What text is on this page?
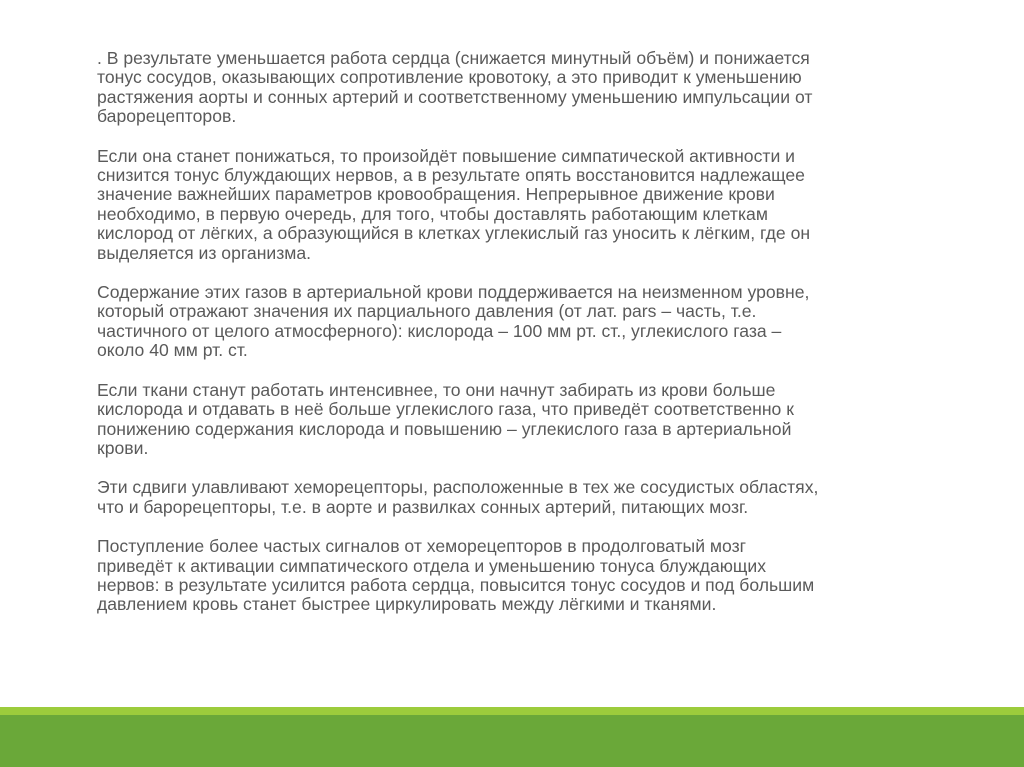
. В результате уменьшается работа сердца (снижается минутный объём) и понижается
тонус сосудов, оказывающих сопротивление кровотоку, а это приводит к уменьшению
растяжения аорты и сонных артерий и соответственному уменьшению импульсации от
барорецепторов.

Если она станет понижаться, то произойдёт повышение симпатической активности и
снизится тонус блуждающих нервов, а в результате опять восстановится надлежащее
значение важнейших параметров кровообращения. Непрерывное движение крови
необходимо, в первую очередь, для того, чтобы доставлять работающим клеткам
кислород от лёгких, а образующийся в клетках углекислый газ уносить к лёгким, где он
выделяется из организма.

Содержание этих газов в артериальной крови поддерживается на неизменном уровне,
который отражают значения их парциального давления (от лат. pars – часть, т.е.
частичного от целого атмосферного): кислорода – 100 мм рт. ст., углекислого газа –
около 40 мм рт. ст.

Если ткани станут работать интенсивнее, то они начнут забирать из крови больше
кислорода и отдавать в неё больше углекислого газа, что приведёт соответственно к
понижению содержания кислорода и повышению – углекислого газа в артериальной
крови.

Эти сдвиги улавливают хеморецепторы, расположенные в тех же сосудистых областях,
что и барорецепторы, т.е. в аорте и развилках сонных артерий, питающих мозг.

Поступление более частых сигналов от хеморецепторов в продолговатый мозг
приведёт к активации симпатического отдела и уменьшению тонуса блуждающих
нервов: в результате усилится работа сердца, повысится тонус сосудов и под большим
давлением кровь станет быстрее циркулировать между лёгкими и тканями.
